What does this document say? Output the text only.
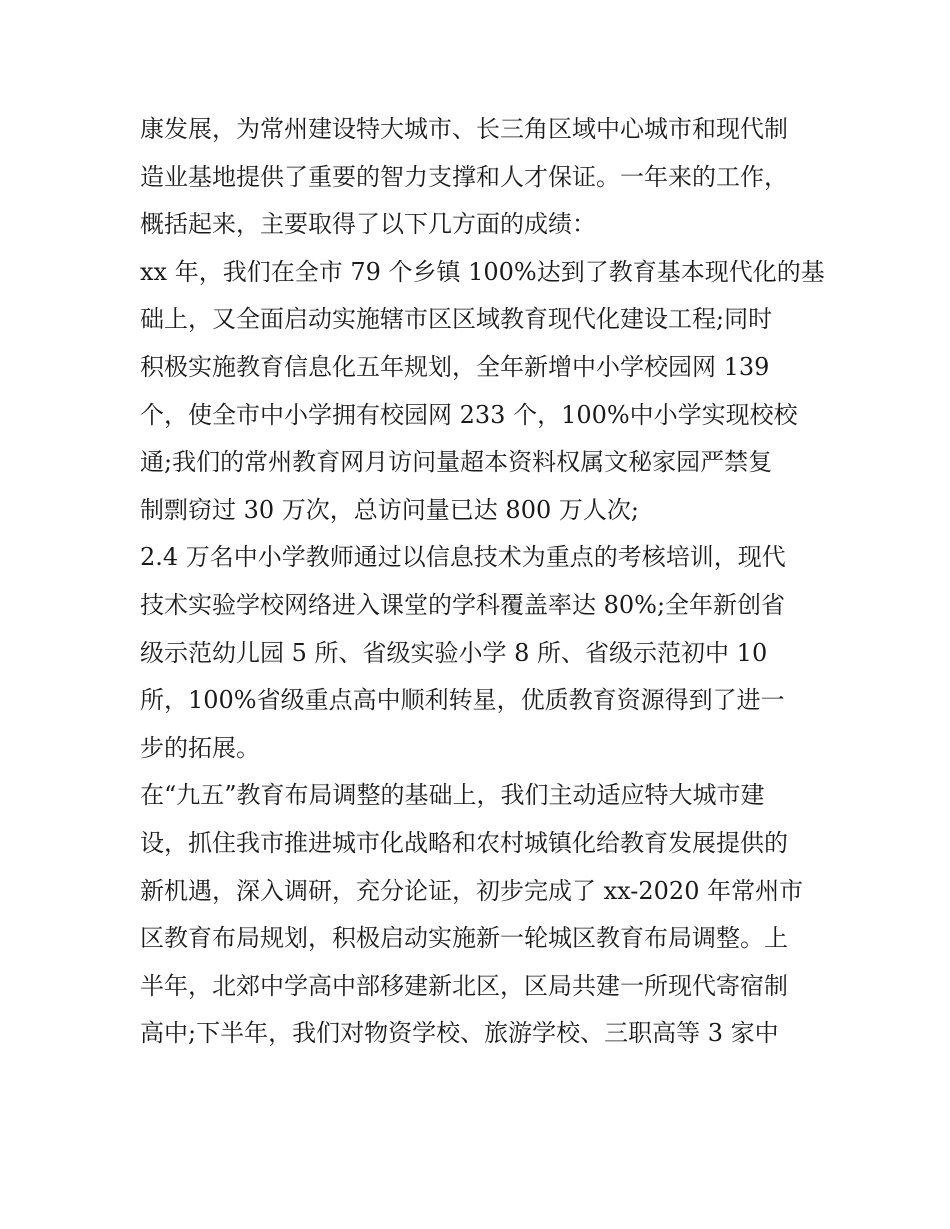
康发展，为常州建设特大城市、长三角区域中心城市和现代制
造业基地提供了重要的智力支撑和人才保证。一年来的工作，
概括起来，主要取得了以下几方面的成绩：
xx 年，我们在全市 79 个乡镇 100%达到了教育基本现代化的基
础上，又全面启动实施辖市区区域教育现代化建设工程;同时
积极实施教育信息化五年规划，全年新增中小学校园网 139
个，使全市中小学拥有校园网 233 个，100%中小学实现校校
通;我们的常州教育网月访问量超本资料权属文秘家园严禁复
制剽窃过 30 万次，总访问量已达 800 万人次;
2.4 万名中小学教师通过以信息技术为重点的考核培训，现代
技术实验学校网络进入课堂的学科覆盖率达 80%;全年新创省
级示范幼儿园 5 所、省级实验小学 8 所、省级示范初中 10
所，100%省级重点高中顺利转星，优质教育资源得到了进一
步的拓展。
在“九五”教育布局调整的基础上，我们主动适应特大城市建
设，抓住我市推进城市化战略和农村城镇化给教育发展提供的
新机遇，深入调研，充分论证，初步完成了 xx-2020 年常州市
区教育布局规划，积极启动实施新一轮城区教育布局调整。上
半年，北郊中学高中部移建新北区，区局共建一所现代寄宿制
高中;下半年，我们对物资学校、旅游学校、三职高等 3 家中
